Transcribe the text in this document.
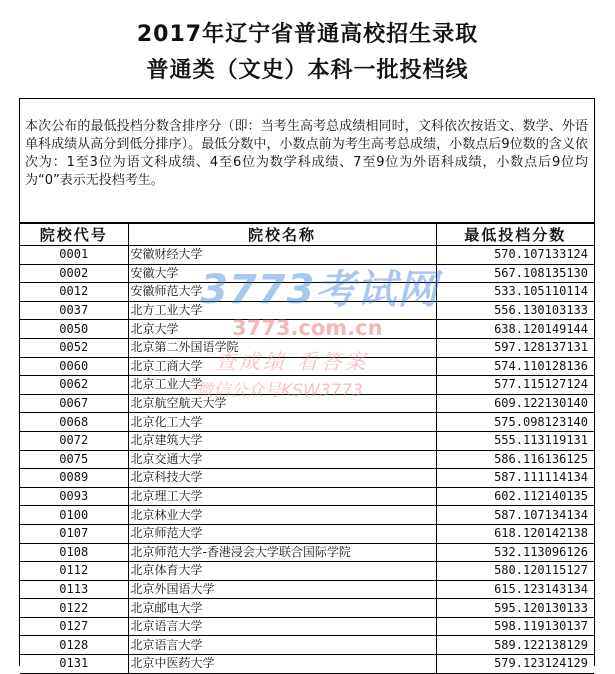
2017年辽宁省普通高校招生录取
普通类（文史）本科一批投档线
本次公布的最低投档分数含排序分（即：当考生高考总成绩相同时，文科依次按语文、数学、外语单科成绩从高分到低分排序）。最低分数中，小数点前为考生高考总成绩，小数点后9位数的含义依次为：1至3位为语文科成绩、4至6位为数学科成绩、7至9位为外语科成绩，小数点后9位均为“0”表示无投档考生。
院校代号	院校名称	最低投档分数
0001	安徽财经大学	570.107133124
0002	安徽大学	567.108135130
0012	安徽师范大学	533.105110114
0037	北方工业大学	556.130103133
0050	北京大学	638.120149144
0052	北京第二外国语学院	597.128137131
0060	北京工商大学	574.110128136
0062	北京工业大学	577.115127124
0067	北京航空航天大学	609.122130140
0068	北京化工大学	575.098123140
0072	北京建筑大学	555.113119131
0075	北京交通大学	586.116136125
0089	北京科技大学	587.111114134
0093	北京理工大学	602.112140135
0100	北京林业大学	587.107134134
0107	北京师范大学	618.120142138
0108	北京师范大学-香港浸会大学联合国际学院	532.113096126
0112	北京体育大学	580.120115127
0113	北京外国语大学	615.123143134
0122	北京邮电大学	595.120130133
0127	北京语言大学	598.119130137
0128	北京语言大学	589.122138129
0131	北京中医药大学	579.123124129
3773考试网
3773.com.cn
查成绩 看答案
微信公众号KSW3773
